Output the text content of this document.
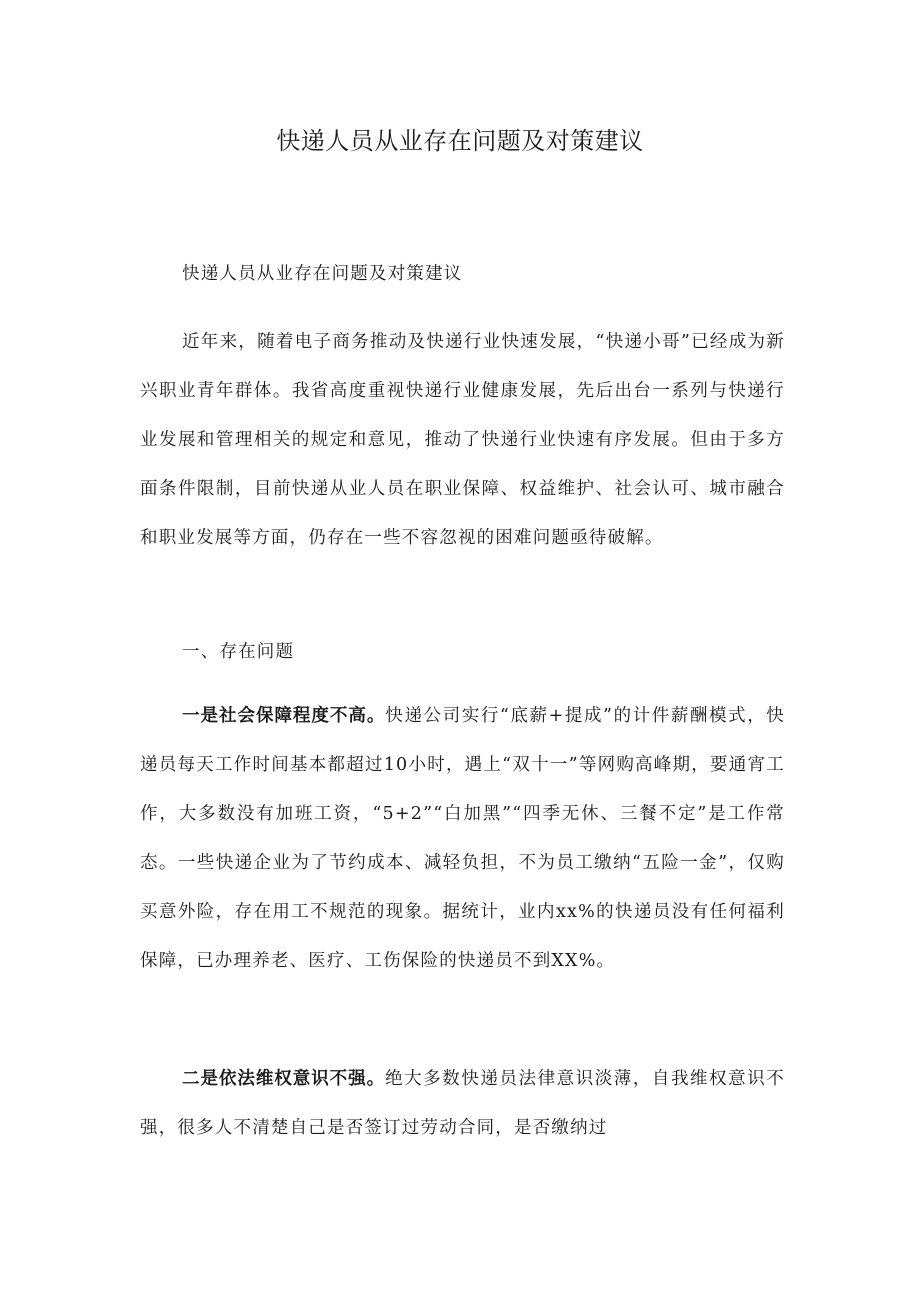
快递人员从业存在问题及对策建议

快递人员从业存在问题及对策建议

近年来，随着电子商务推动及快递行业快速发展，“快递小哥”已经成为新兴职业青年群体。我省高度重视快递行业健康发展，先后出台一系列与快递行业发展和管理相关的规定和意见，推动了快递行业快速有序发展。但由于多方面条件限制，目前快递从业人员在职业保障、权益维护、社会认可、城市融合和职业发展等方面，仍存在一些不容忽视的困难问题亟待破解。

一、存在问题

一是社会保障程度不高。快递公司实行“底薪+提成”的计件薪酬模式，快递员每天工作时间基本都超过10小时，遇上“双十一”等网购高峰期，要通宵工作，大多数没有加班工资，“5+2”“白加黑”“四季无休、三餐不定”是工作常态。一些快递企业为了节约成本、减轻负担，不为员工缴纳“五险一金”，仅购买意外险，存在用工不规范的现象。据统计，业内xx%的快递员没有任何福利保障，已办理养老、医疗、工伤保险的快递员不到XX%。

二是依法维权意识不强。绝大多数快递员法律意识淡薄，自我维权意识不强，很多人不清楚自己是否签订过劳动合同，是否缴纳过
